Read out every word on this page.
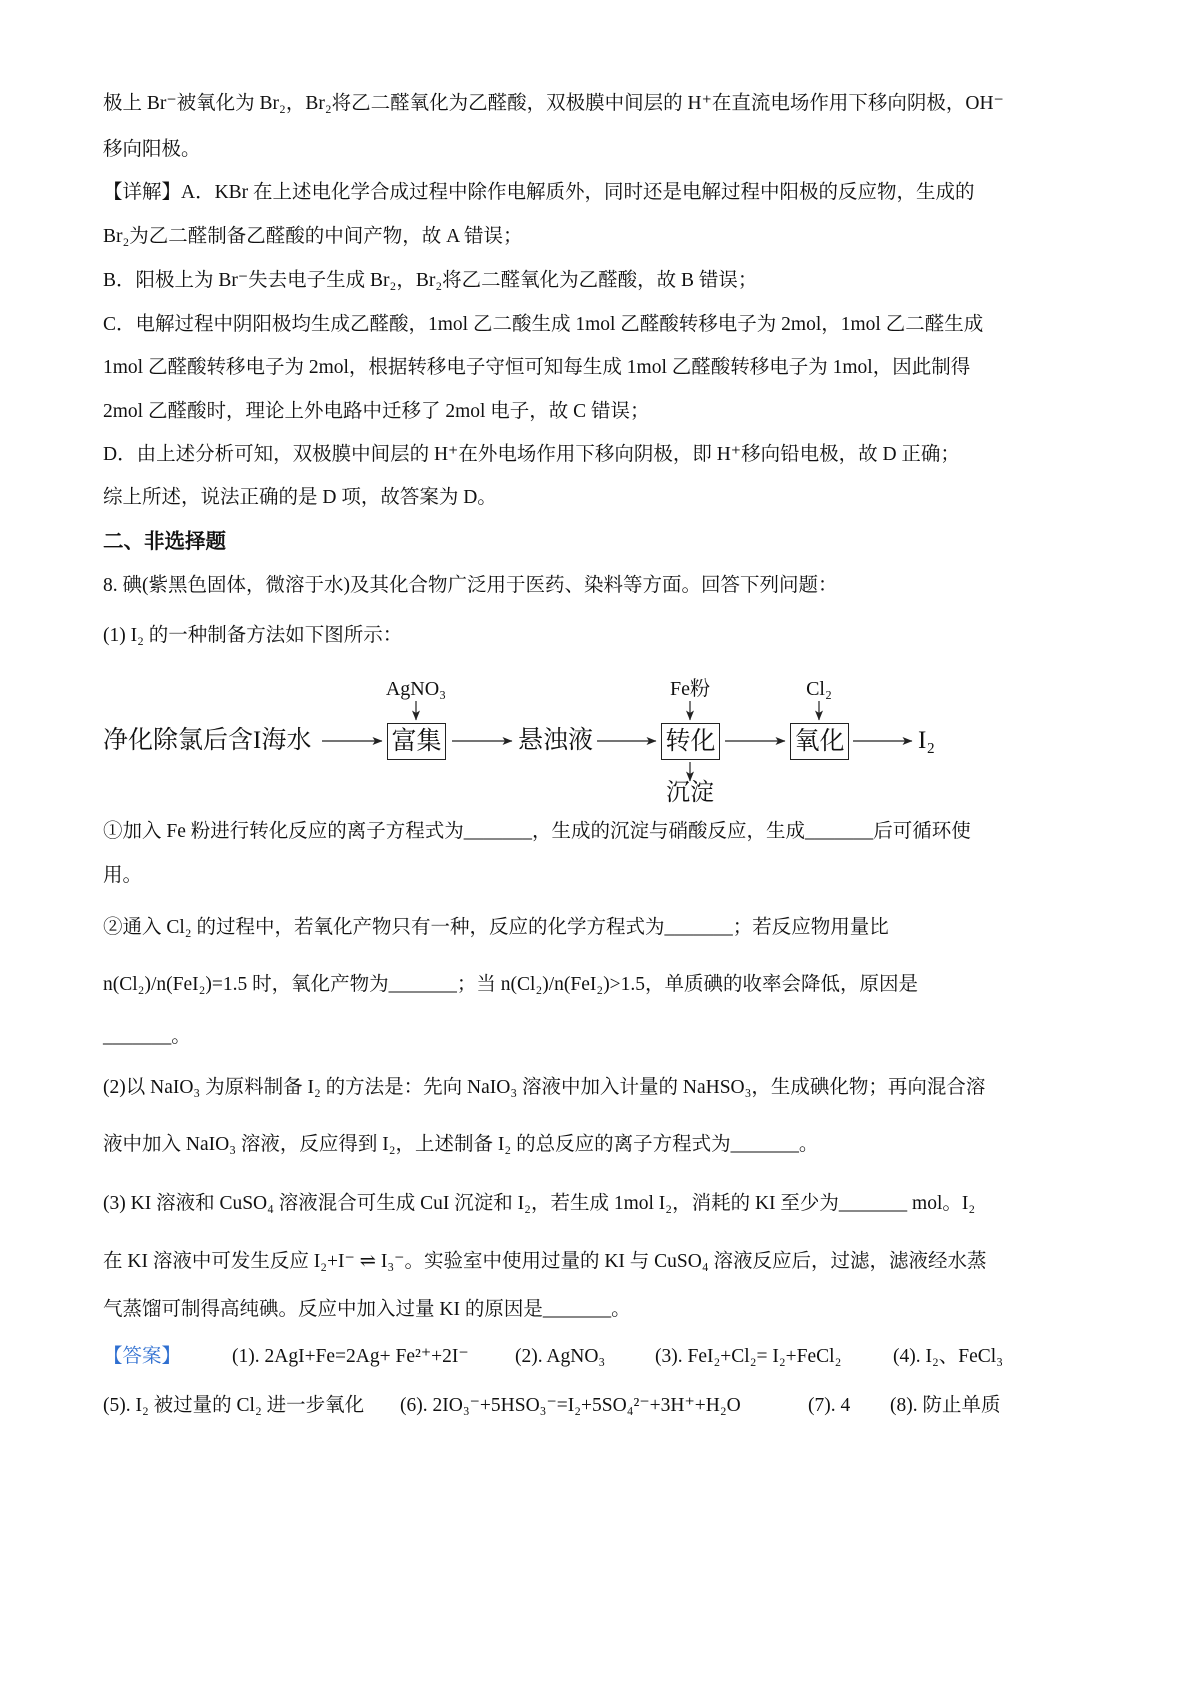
极上 Br⁻被氧化为 Br₂，Br₂将乙二醛氧化为乙醛酸，双极膜中间层的 H⁺在直流电场作用下移向阴极，OH⁻
移向阳极。
【详解】A．KBr 在上述电化学合成过程中除作电解质外，同时还是电解过程中阳极的反应物，生成的
Br₂为乙二醛制备乙醛酸的中间产物，故 A 错误；
B．阳极上为 Br⁻失去电子生成 Br₂，Br₂将乙二醛氧化为乙醛酸，故 B 错误；
C．电解过程中阴阳极均生成乙醛酸，1mol 乙二酸生成 1mol 乙醛酸转移电子为 2mol，1mol 乙二醛生成
1mol 乙醛酸转移电子为 2mol，根据转移电子守恒可知每生成 1mol 乙醛酸转移电子为 1mol，因此制得
2mol 乙醛酸时，理论上外电路中迁移了 2mol 电子，故 C 错误；
D．由上述分析可知，双极膜中间层的 H⁺在外电场作用下移向阴极，即 H⁺移向铅电极，故 D 正确；
综上所述，说法正确的是 D 项，故答案为 D。
二、非选择题
8. 碘(紫黑色固体，微溶于水)及其化合物广泛用于医药、染料等方面。回答下列问题：
(1) I₂ 的一种制备方法如下图所示：
净化除氯后含I海水
AgNO₃
富集	悬浊液
Fe粉
转化
沉淀
Cl₂
氧化	I₂
①加入 Fe 粉进行转化反应的离子方程式为_______，生成的沉淀与硝酸反应，生成_______后可循环使
用。
②通入 Cl₂ 的过程中，若氧化产物只有一种，反应的化学方程式为_______；若反应物用量比
n(Cl₂)/n(FeI₂)=1.5 时，氧化产物为_______；当 n(Cl₂)/n(FeI₂)>1.5，单质碘的收率会降低，原因是
_______。
(2)以 NaIO₃ 为原料制备 I₂ 的方法是：先向 NaIO₃ 溶液中加入计量的 NaHSO₃，生成碘化物；再向混合溶
液中加入 NaIO₃ 溶液，反应得到 I₂，上述制备 I₂ 的总反应的离子方程式为_______。
(3) KI 溶液和 CuSO₄ 溶液混合可生成 CuI 沉淀和 I₂，若生成 1mol I₂，消耗的 KI 至少为_______ mol。I₂
在 KI 溶液中可发生反应 I₂+I⁻ ⇌ I₃⁻。实验室中使用过量的 KI 与 CuSO₄ 溶液反应后，过滤，滤液经水蒸
气蒸馏可制得高纯碘。反应中加入过量 KI 的原因是_______。
【答案】	(1). 2AgI+Fe=2Ag+ Fe²⁺+2I⁻ (2). AgNO₃	(3). FeI₂+Cl₂= I₂+FeCl₂	(4). I₂、FeCl₃
(5). I₂ 被过量的 Cl₂ 进一步氧化 (6). 2IO₃⁻+5HSO₃⁻=I₂+5SO₄²⁻+3H⁺+H₂O	(7). 4 (8). 防止单质
